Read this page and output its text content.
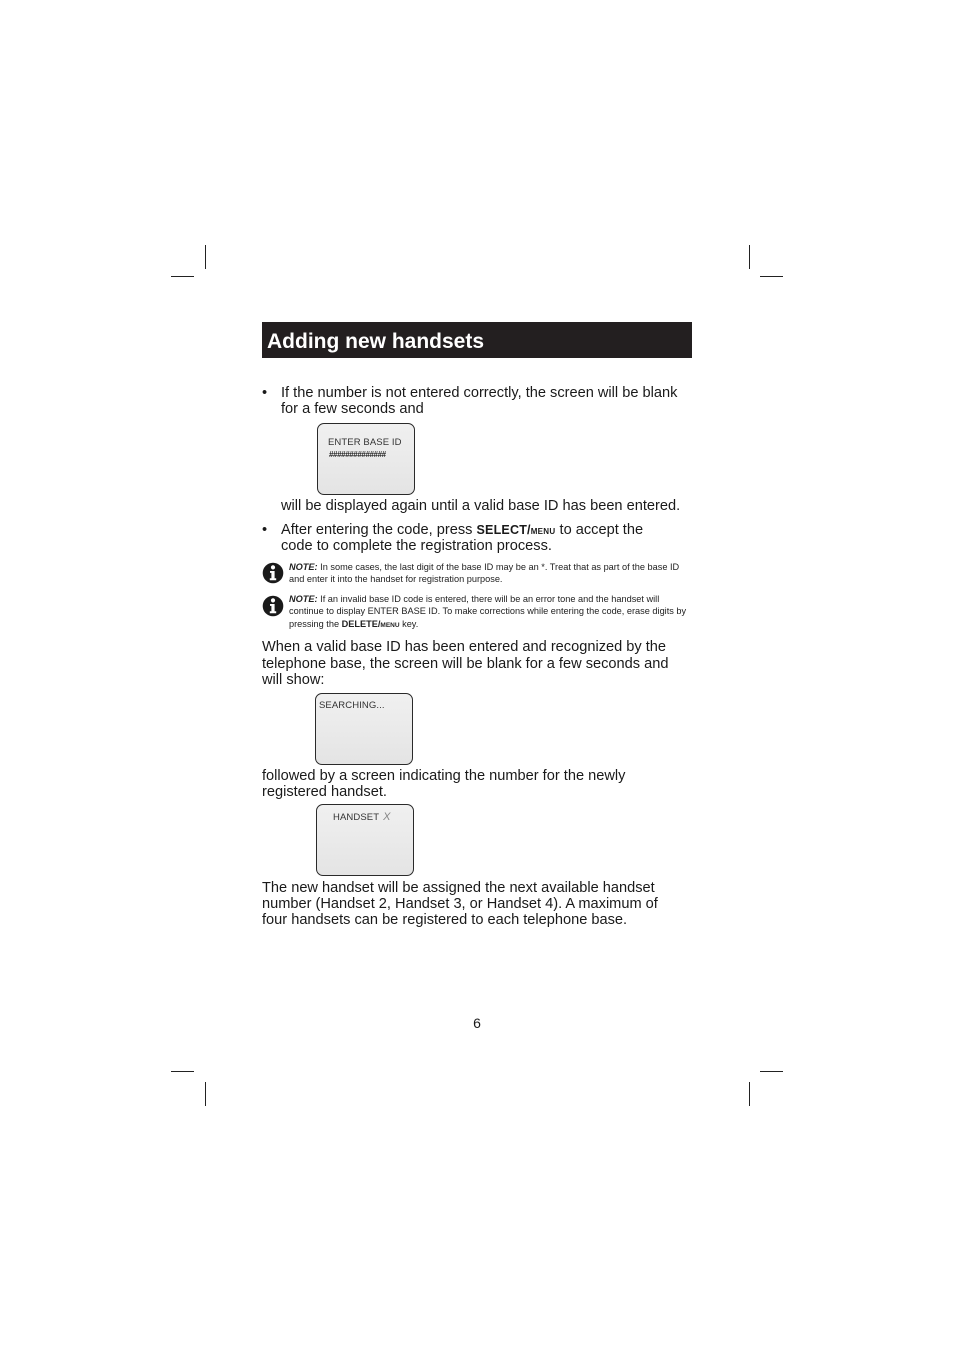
Adding new handsets
• If the number is not entered correctly, the screen will be blank
for a few seconds and
ENTER BASE ID
##############
will be displayed again until a valid base ID has been entered.
• After entering the code, press SELECT/MENU to accept the
code to complete the registration process.
NOTE: In some cases, the last digit of the base ID may be an *. Treat that as part of the base ID
and enter it into the handset for registration purpose.
NOTE: If an invalid base ID code is entered, there will be an error tone and the handset will
continue to display ENTER BASE ID. To make corrections while entering the code, erase digits by
pressing the DELETE/MENU key.
When a valid base ID has been entered and recognized by the
telephone base, the screen will be blank for a few seconds and
will show:
SEARCHING...
followed by a screen indicating the number for the newly
registered handset.
HANDSET X
The new handset will be assigned the next available handset
number (Handset 2, Handset 3, or Handset 4). A maximum of
four handsets can be registered to each telephone base.
6
